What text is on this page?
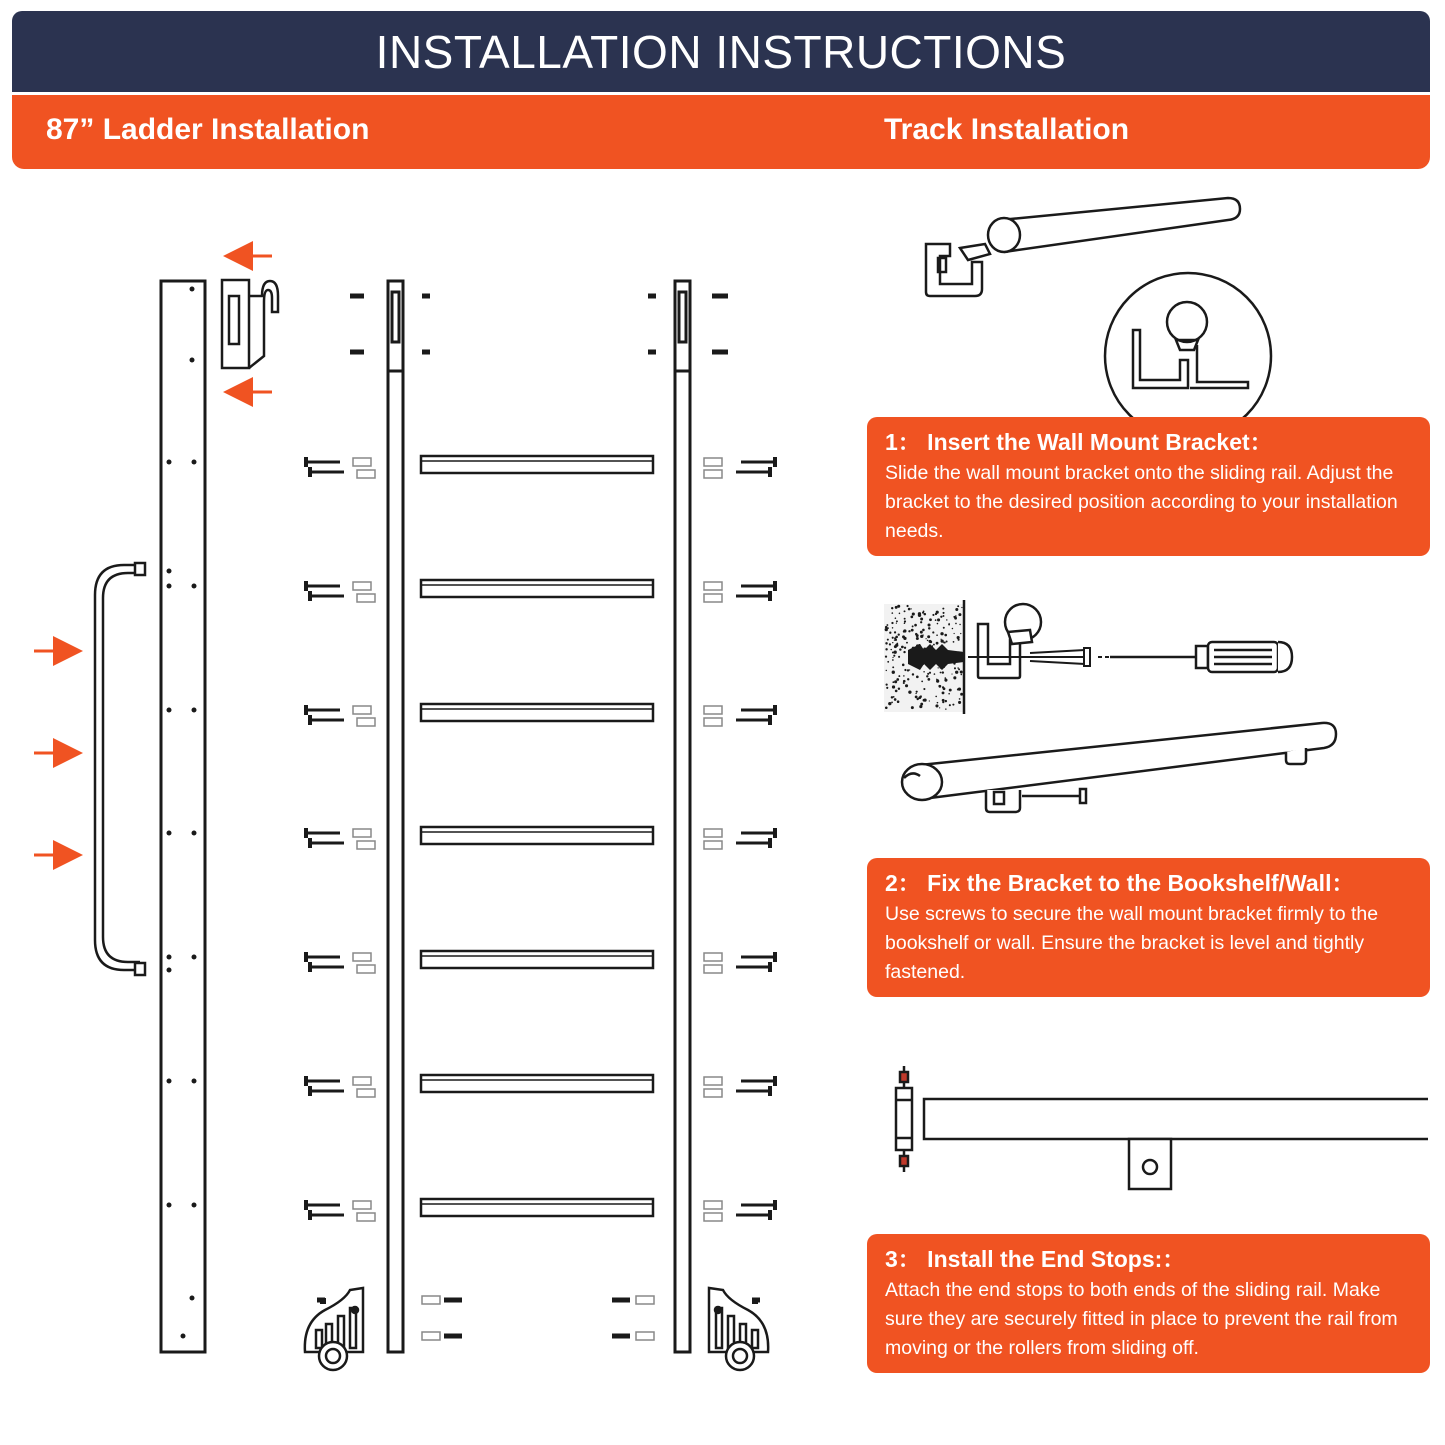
INSTALLATION INSTRUCTIONS
87” Ladder Installation	Track Installation
1： Insert the Wall Mount Bracket：
Slide the wall mount bracket onto the sliding rail. Adjust the bracket to the desired position according to your installation needs.
2： Fix the Bracket to the Bookshelf/Wall：
Use screws to secure the wall mount bracket firmly to the bookshelf or wall. Ensure the bracket is level and tightly fastened.
3： Install the End Stops:：
Attach the end stops to both ends of the sliding rail. Make sure they are securely fitted in place to prevent the rail from moving or the rollers from sliding off.
